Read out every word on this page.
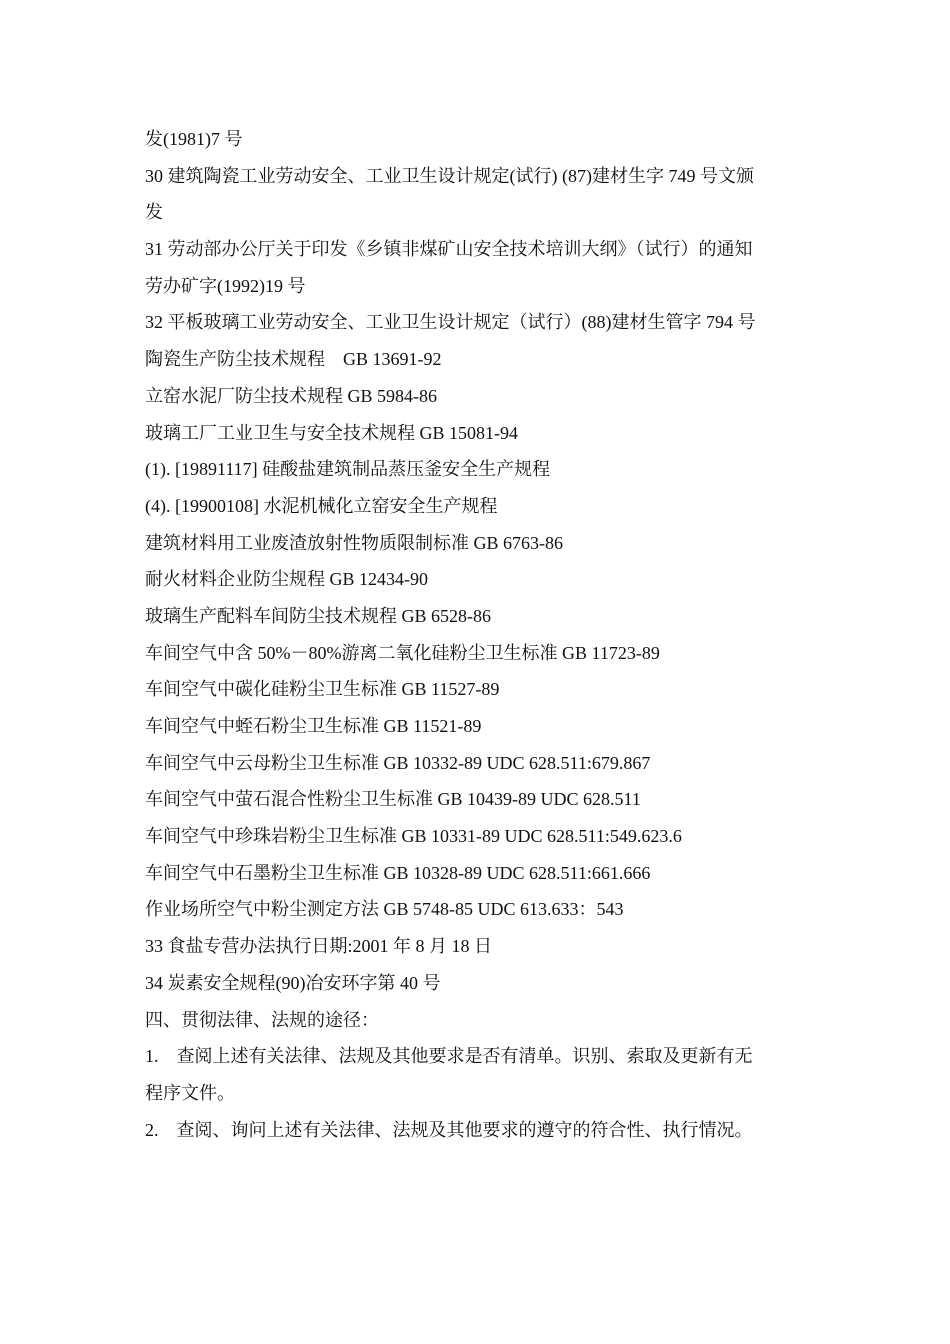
发(1981)7 号
30 建筑陶瓷工业劳动安全、工业卫生设计规定(试行) (87)建材生字 749 号文颁
发
31 劳动部办公厅关于印发《乡镇非煤矿山安全技术培训大纲》（试行）的通知
劳办矿字(1992)19 号
32 平板玻璃工业劳动安全、工业卫生设计规定（试行）(88)建材生管字 794 号
陶瓷生产防尘技术规程　GB 13691-92
立窑水泥厂防尘技术规程 GB 5984-86
玻璃工厂工业卫生与安全技术规程 GB 15081-94
(1). [19891117] 硅酸盐建筑制品蒸压釜安全生产规程
(4). [19900108] 水泥机械化立窑安全生产规程
建筑材料用工业废渣放射性物质限制标准 GB 6763-86
耐火材料企业防尘规程 GB 12434-90
玻璃生产配料车间防尘技术规程 GB 6528-86
车间空气中含 50%－80%游离二氧化硅粉尘卫生标准 GB 11723-89
车间空气中碳化硅粉尘卫生标准 GB 11527-89
车间空气中蛭石粉尘卫生标准 GB 11521-89
车间空气中云母粉尘卫生标准 GB 10332-89 UDC 628.511:679.867
车间空气中萤石混合性粉尘卫生标准 GB 10439-89 UDC 628.511
车间空气中珍珠岩粉尘卫生标准 GB 10331-89 UDC 628.511:549.623.6
车间空气中石墨粉尘卫生标准 GB 10328-89 UDC 628.511:661.666
作业场所空气中粉尘测定方法 GB 5748-85 UDC 613.633：543
33 食盐专营办法执行日期:2001 年 8 月 18 日
34 炭素安全规程(90)冶安环字第 40 号
四、贯彻法律、法规的途径：
1.　查阅上述有关法律、法规及其他要求是否有清单。识别、索取及更新有无
程序文件。
2.　查阅、询问上述有关法律、法规及其他要求的遵守的符合性、执行情况。
